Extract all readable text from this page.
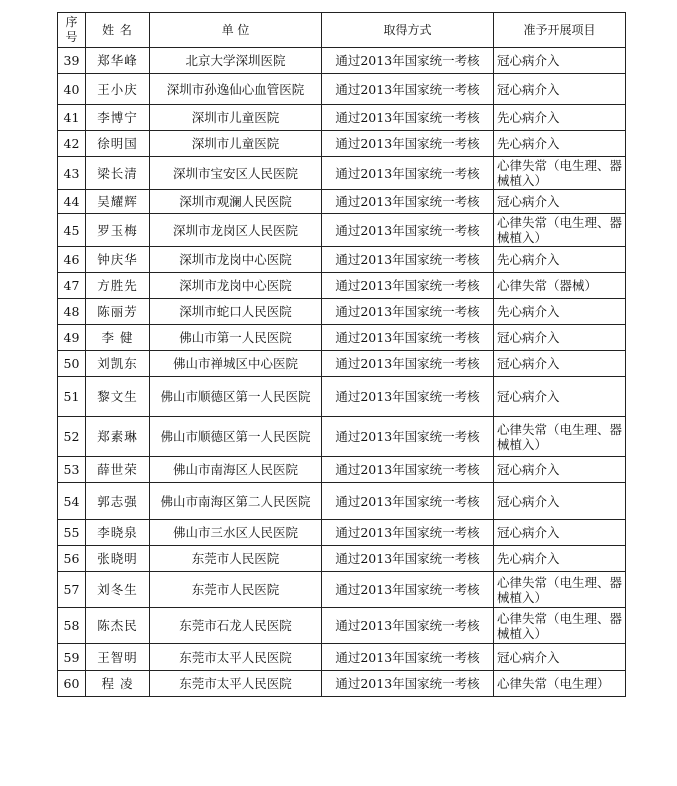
序号	姓 名	单 位	取得方式	准予开展项目
39	郑华峰	北京大学深圳医院	通过2013年国家统一考核	冠心病介入
40	王小庆	深圳市孙逸仙心血管医院	通过2013年国家统一考核	冠心病介入
41	李博宁	深圳市儿童医院	通过2013年国家统一考核	先心病介入
42	徐明国	深圳市儿童医院	通过2013年国家统一考核	先心病介入
43	梁长清	深圳市宝安区人民医院	通过2013年国家统一考核	心律失常（电生理、器械植入）
44	吴耀辉	深圳市观澜人民医院	通过2013年国家统一考核	冠心病介入
45	罗玉梅	深圳市龙岗区人民医院	通过2013年国家统一考核	心律失常（电生理、器械植入）
46	钟庆华	深圳市龙岗中心医院	通过2013年国家统一考核	先心病介入
47	方胜先	深圳市龙岗中心医院	通过2013年国家统一考核	心律失常（器械）
48	陈丽芳	深圳市蛇口人民医院	通过2013年国家统一考核	先心病介入
49	李 健	佛山市第一人民医院	通过2013年国家统一考核	冠心病介入
50	刘凯东	佛山市禅城区中心医院	通过2013年国家统一考核	冠心病介入
51	黎文生	佛山市顺德区第一人民医院	通过2013年国家统一考核	冠心病介入
52	郑素琳	佛山市顺德区第一人民医院	通过2013年国家统一考核	心律失常（电生理、器械植入）
53	薛世荣	佛山市南海区人民医院	通过2013年国家统一考核	冠心病介入
54	郭志强	佛山市南海区第二人民医院	通过2013年国家统一考核	冠心病介入
55	李晓泉	佛山市三水区人民医院	通过2013年国家统一考核	冠心病介入
56	张晓明	东莞市人民医院	通过2013年国家统一考核	先心病介入
57	刘冬生	东莞市人民医院	通过2013年国家统一考核	心律失常（电生理、器械植入）
58	陈杰民	东莞市石龙人民医院	通过2013年国家统一考核	心律失常（电生理、器械植入）
59	王智明	东莞市太平人民医院	通过2013年国家统一考核	冠心病介入
60	程 凌	东莞市太平人民医院	通过2013年国家统一考核	心律失常（电生理）
